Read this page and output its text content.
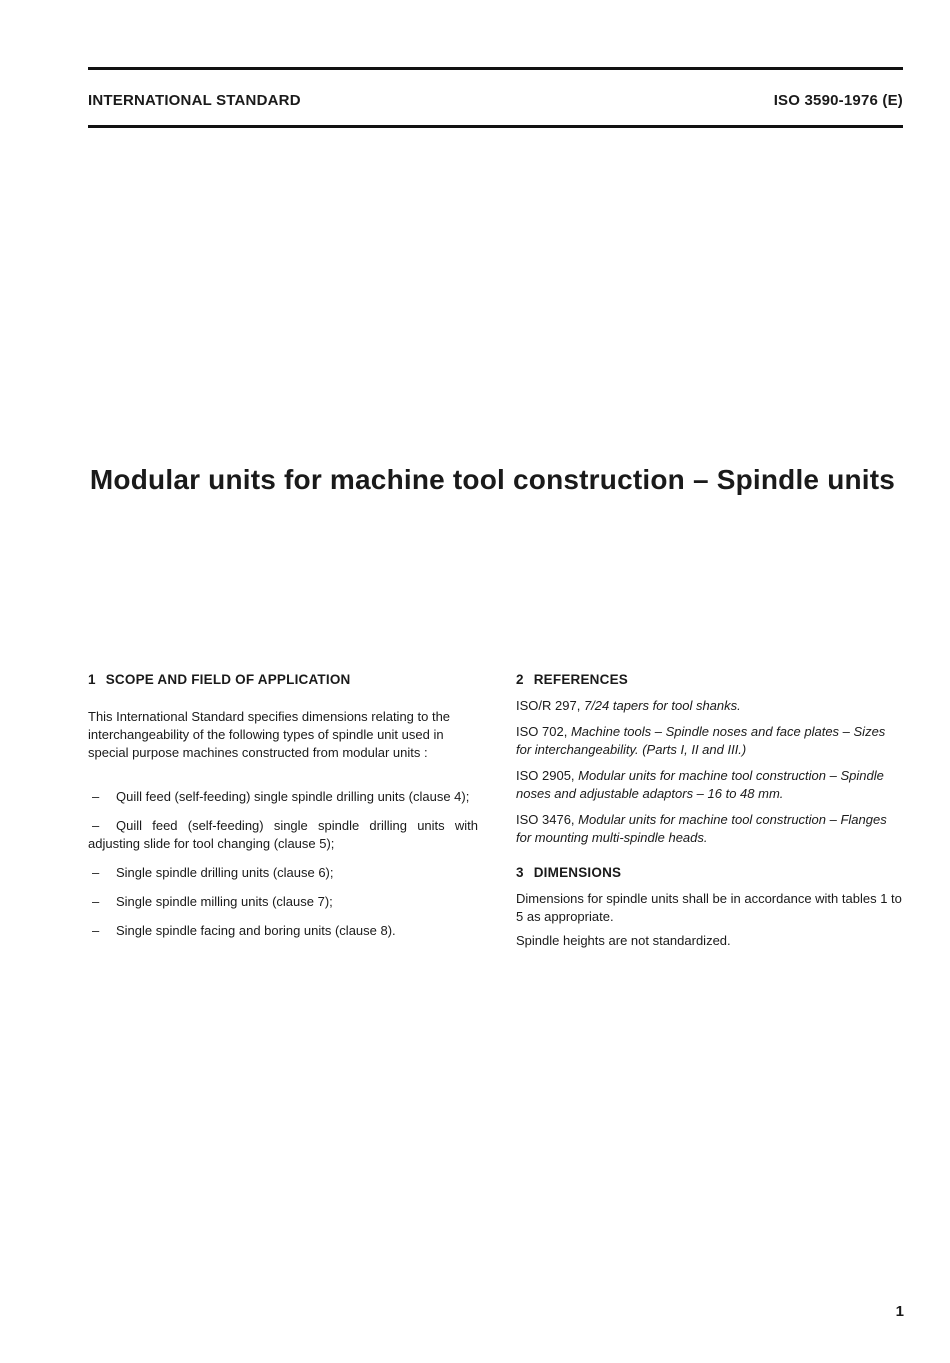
INTERNATIONAL STANDARD	ISO 3590-1976 (E)
Modular units for machine tool construction – Spindle units
1 SCOPE AND FIELD OF APPLICATION

This International Standard specifies dimensions relating to the interchangeability of the following types of spindle unit used in special purpose machines constructed from modular units :

– Quill feed (self-feeding) single spindle drilling units (clause 4);
– Quill feed (self-feeding) single spindle drilling units with adjusting slide for tool changing (clause 5);
– Single spindle drilling units (clause 6);
– Single spindle milling units (clause 7);
– Single spindle facing and boring units (clause 8).
2 REFERENCES

ISO/R 297, 7/24 tapers for tool shanks.

ISO 702, Machine tools – Spindle noses and face plates – Sizes for interchangeability. (Parts I, II and III.)

ISO 2905, Modular units for machine tool construction – Spindle noses and adjustable adaptors – 16 to 48 mm.

ISO 3476, Modular units for machine tool construction – Flanges for mounting multi-spindle heads.

3 DIMENSIONS

Dimensions for spindle units shall be in accordance with tables 1 to 5 as appropriate.

Spindle heights are not standardized.

1
